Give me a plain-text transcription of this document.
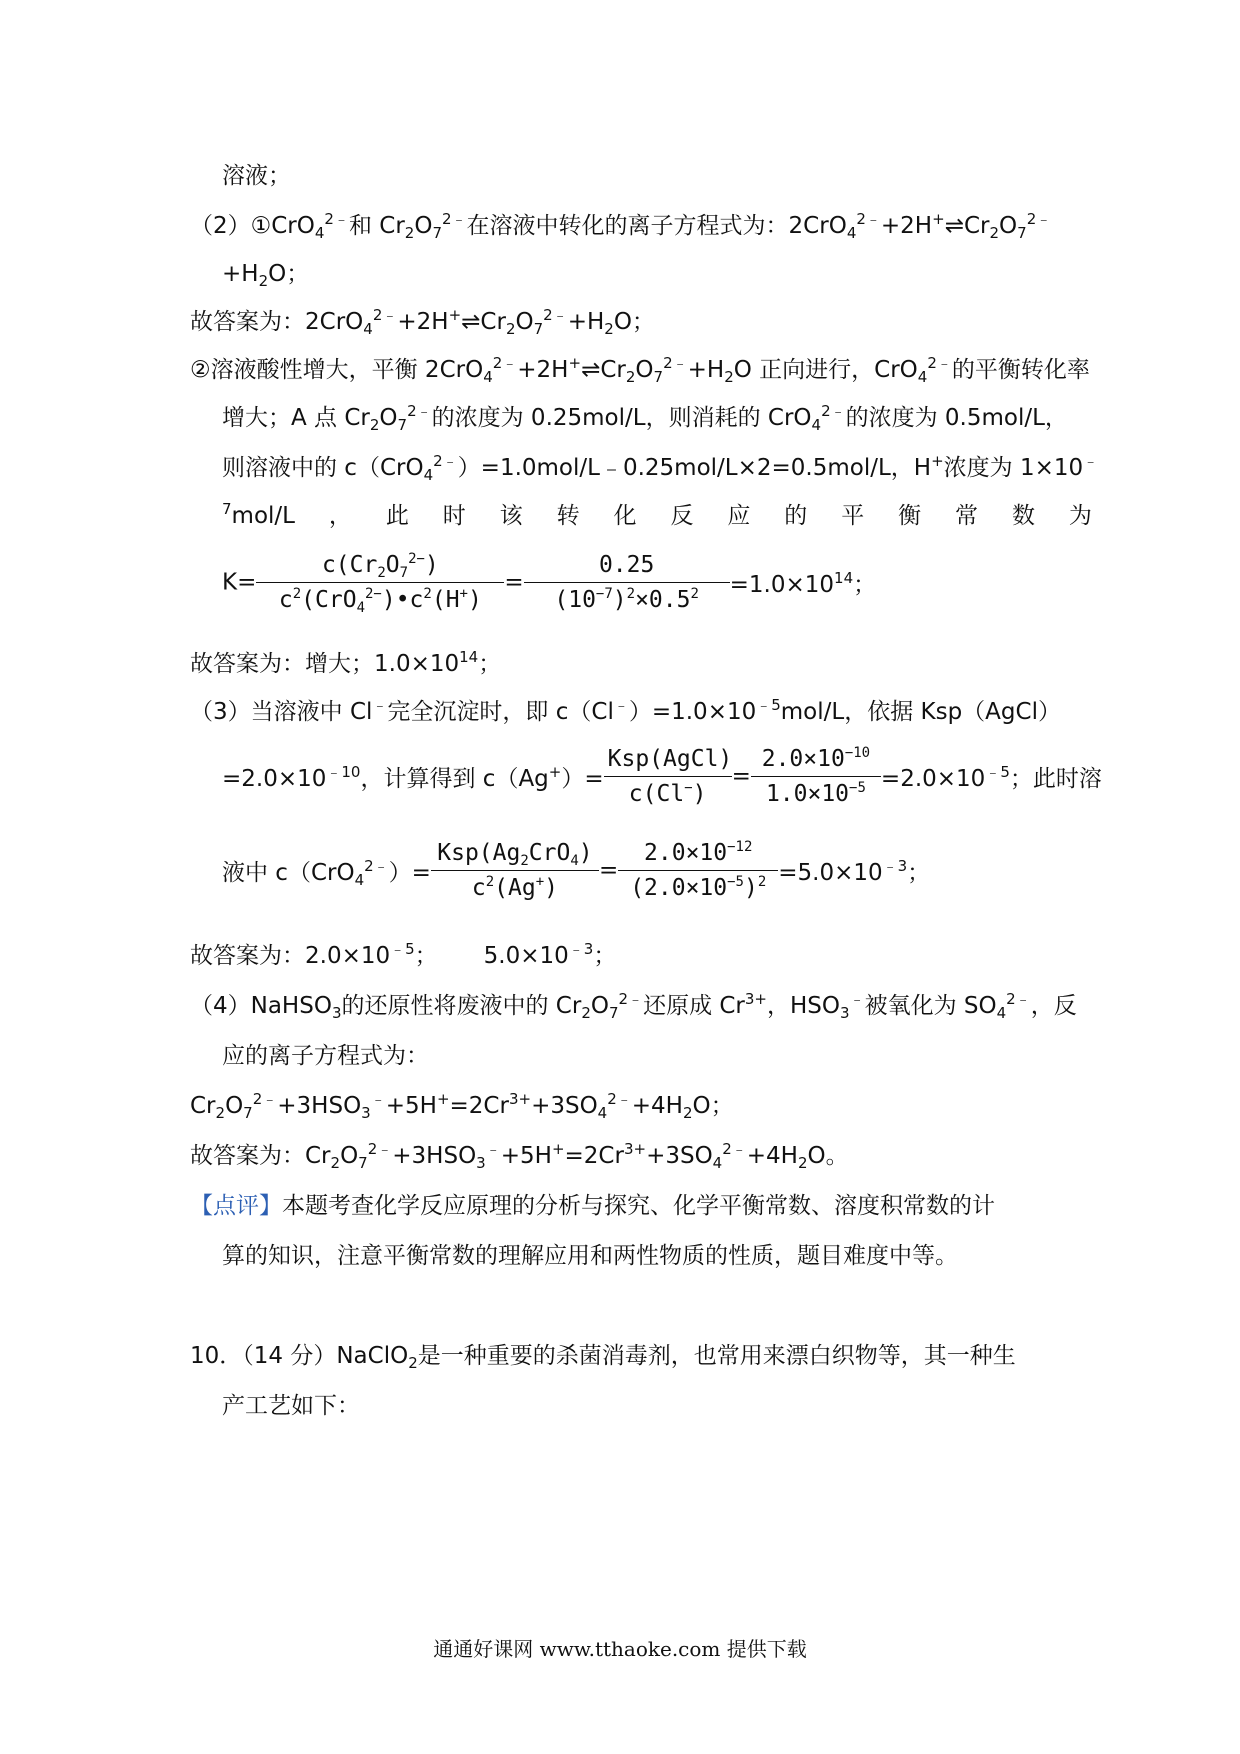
溶液；
（2）①CrO$_4^{2﹣}$和 $Cr_2O_7^{2﹣}$在溶液中转化的离子方程式为：$2CrO_4^{2﹣}+2H^+\rightleftharpoons Cr_2O_7^{2﹣}$
$+H_2O$；
故答案为：$2CrO_4^{2﹣}+2H^+\rightleftharpoons Cr_2O_7^{2﹣}+H_2O$；
②溶液酸性增大，平衡 $2CrO_4^{2﹣}+2H^+\rightleftharpoons Cr_2O_7^{2﹣}+H_2O$ 正向进行，CrO$_4^{2﹣}$的平衡转化率
增大；A 点 $Cr_2O_7^{2﹣}$的浓度为 0.25mol/L，则消耗的 CrO$_4^{2﹣}$的浓度为 0.5mol/L，
则溶液中的 c（CrO$_4^{2﹣}$）=1.0mol/L﹣0.25mol/L×2=0.5mol/L，H+浓度为 1×10﹣
$^7$mol/L ， 此 时 该 转 化 反 应 的 平 衡 常 数 为
$K= \frac{c(Cr_2O_7^{2-})}{c^2(CrO_4^{2-})•c^2(H^+)} = \frac{0.25}{(10^{-7})^2\times 0.5^2} =1.0\times 10^{14}$；
故答案为：增大；$1.0\times 10^{14}$；
（3）当溶液中 Cl﹣完全沉淀时，即 $c(Cl^﹣)=1.0\times 10^{﹣5}mol/L$，依据 Ksp（AgCl）
$=2.0\times 10^{﹣10}$，计算得到 $c(Ag^+)= \frac{\text{Ksp(AgCl)}}{c(Cl^-)} = \frac{2.0\times 10^{-10}}{1.0\times 10^{-5}} =2.0\times 10^{﹣5}$；此时溶
液中 $c(CrO_4^{2﹣})= \frac{Ksp(Ag_2CrO_4)}{c^2(Ag^+)} = \frac{2.0\times 10^{-12}}{(2.0\times 10^{-5})^2} =5.0\times 10^{﹣3}$；
故答案为：$2.0\times 10^{﹣5}$； $5.0\times 10^{﹣3}$；
（4）NaHSO$_3$的还原性将废液中的 $Cr_2O_7^{2﹣}$还原成 $Cr^{3+}$，$HSO_3^﹣$被氧化为 $SO_4^{2﹣}$，反
应的离子方程式为：
$Cr_2O_7^{2﹣}+3HSO_3^﹣+5H^+=2Cr^{3+}+3SO_4^{2﹣}+4H_2O$；
故答案为：$Cr_2O_7^{2﹣}+3HSO_3^﹣+5H^+=2Cr^{3+}+3SO_4^{2﹣}+4H_2O$。
【点评】本题考查化学反应原理的分析与探究、化学平衡常数、溶度积常数的计
算的知识，注意平衡常数的理解应用和两性物质的性质，题目难度中等。
10．（14 分）NaClO$_2$是一种重要的杀菌消毒剂，也常用来漂白织物等，其一种生
产工艺如下：
通通好课网 www.tthaoke.com 提供下载
